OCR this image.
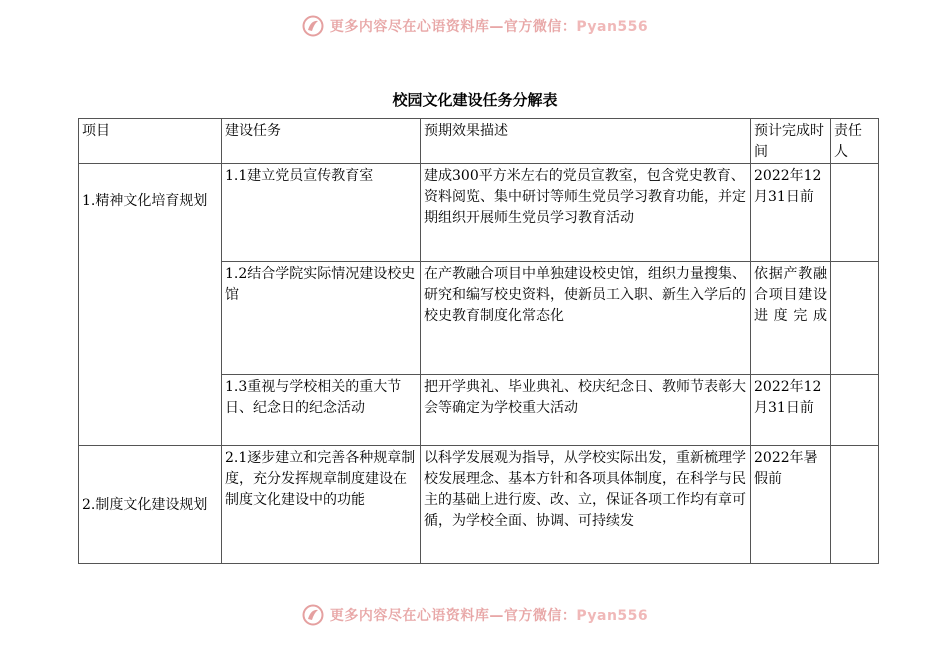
更多内容尽在心语资料库—官方微信：Pyan556
校园文化建设任务分解表
项目	建设任务	预期效果描述	预计完成时间	责任人

1.精神文化培育规划	1.1建立党员宣传教育室	建成300平方米左右的党员宣教室，包含党史教育、资料阅览、集中研讨等师生党员学习教育功能，并定期组织开展师生党员学习教育活动	2022年12月31日前	
	1.2结合学院实际情况建设校史馆	在产教融合项目中单独建设校史馆，组织力量搜集、研究和编写校史资料，使新员工入职、新生入学后的校史教育制度化常态化	依据产教融合项目建设进度完成	
	1.3重视与学校相关的重大节日、纪念日的纪念活动	把开学典礼、毕业典礼、校庆纪念日、教师节表彰大会等确定为学校重大活动	2022年12月31日前	
2.制度文化建设规划	2.1逐步建立和完善各种规章制度，充分发挥规章制度建设在制度文化建设中的功能	以科学发展观为指导，从学校实际出发，重新梳理学校发展理念、基本方针和各项具体制度，在科学与民主的基础上进行废、改、立，保证各项工作均有章可循，为学校全面、协调、可持续发	2022年暑假前	
更多内容尽在心语资料库—官方微信：Pyan556
